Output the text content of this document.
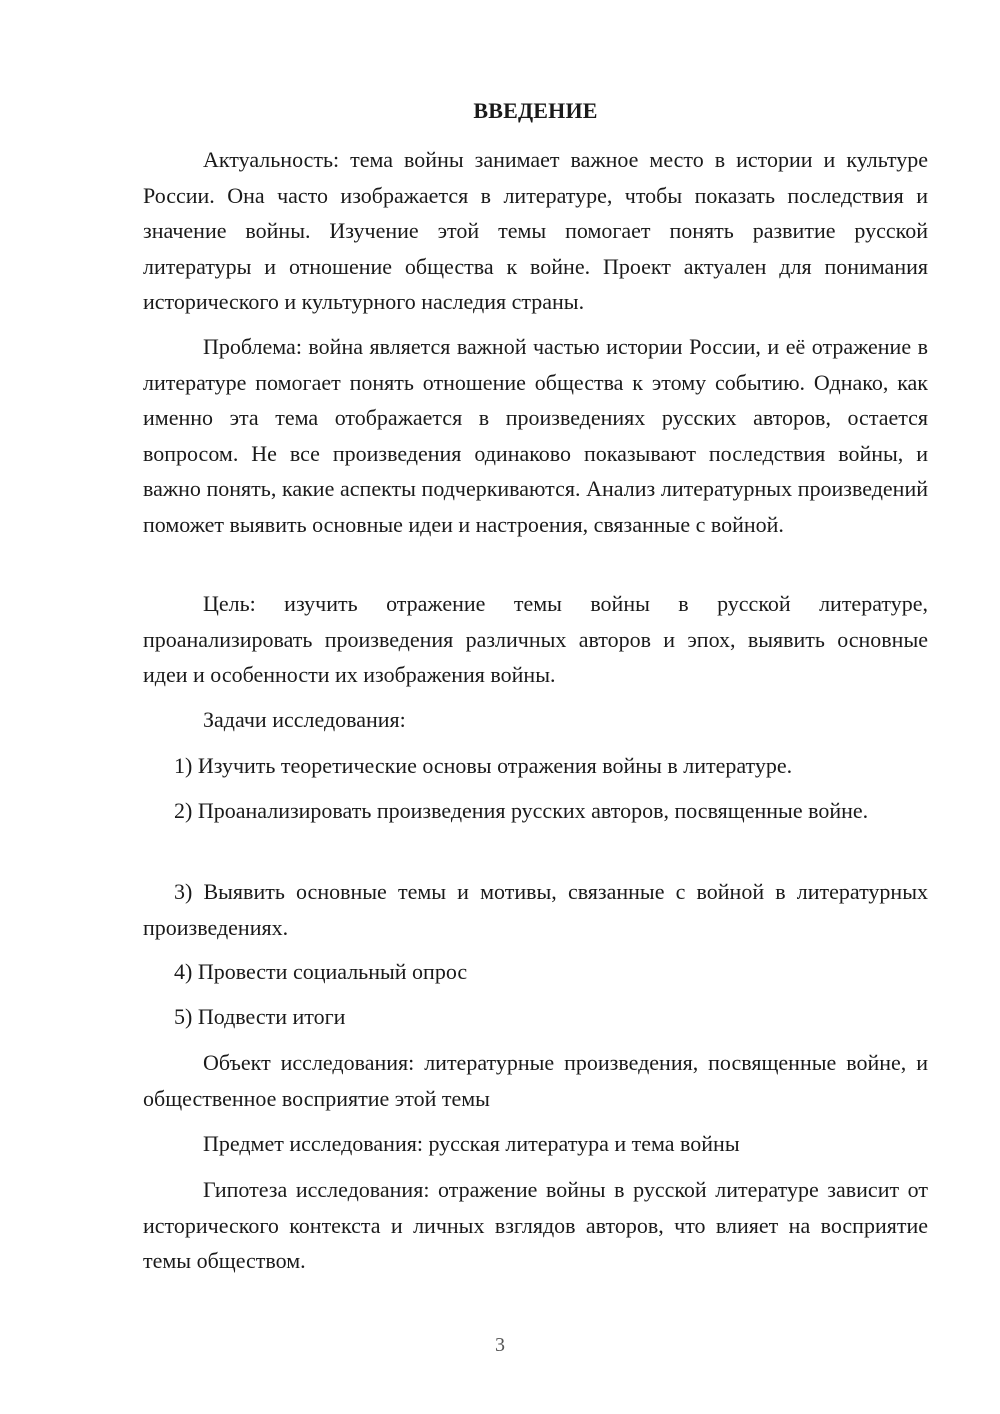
ВВЕДЕНИЕ

Актуальность: тема войны занимает важное место в истории и культуре России. Она часто изображается в литературе, чтобы показать последствия и значение войны. Изучение этой темы помогает понять развитие русской литературы и отношение общества к войне. Проект актуален для понимания исторического и культурного наследия страны.

Проблема: война является важной частью истории России, и её отражение в литературе помогает понять отношение общества к этому событию. Однако, как именно эта тема отображается в произведениях русских авторов, остается вопросом. Не все произведения одинаково показывают последствия войны, и важно понять, какие аспекты подчеркиваются. Анализ литературных произведений поможет выявить основные идеи и настроения, связанные с войной.

Цель: изучить отражение темы войны в русской литературе, проанализировать произведения различных авторов и эпох, выявить основные идеи и особенности их изображения войны.

Задачи исследования:

1) Изучить теоретические основы отражения войны в литературе.

2) Проанализировать произведения русских авторов, посвященные войне.

3) Выявить основные темы и мотивы, связанные с войной в литературных произведениях.

4) Провести социальный опрос

5) Подвести итоги

Объект исследования: литературные произведения, посвященные войне, и общественное восприятие этой темы

Предмет исследования: русская литература и тема войны

Гипотеза исследования: отражение войны в русской литературе зависит от исторического контекста и личных взглядов авторов, что влияет на восприятие темы обществом.

3
